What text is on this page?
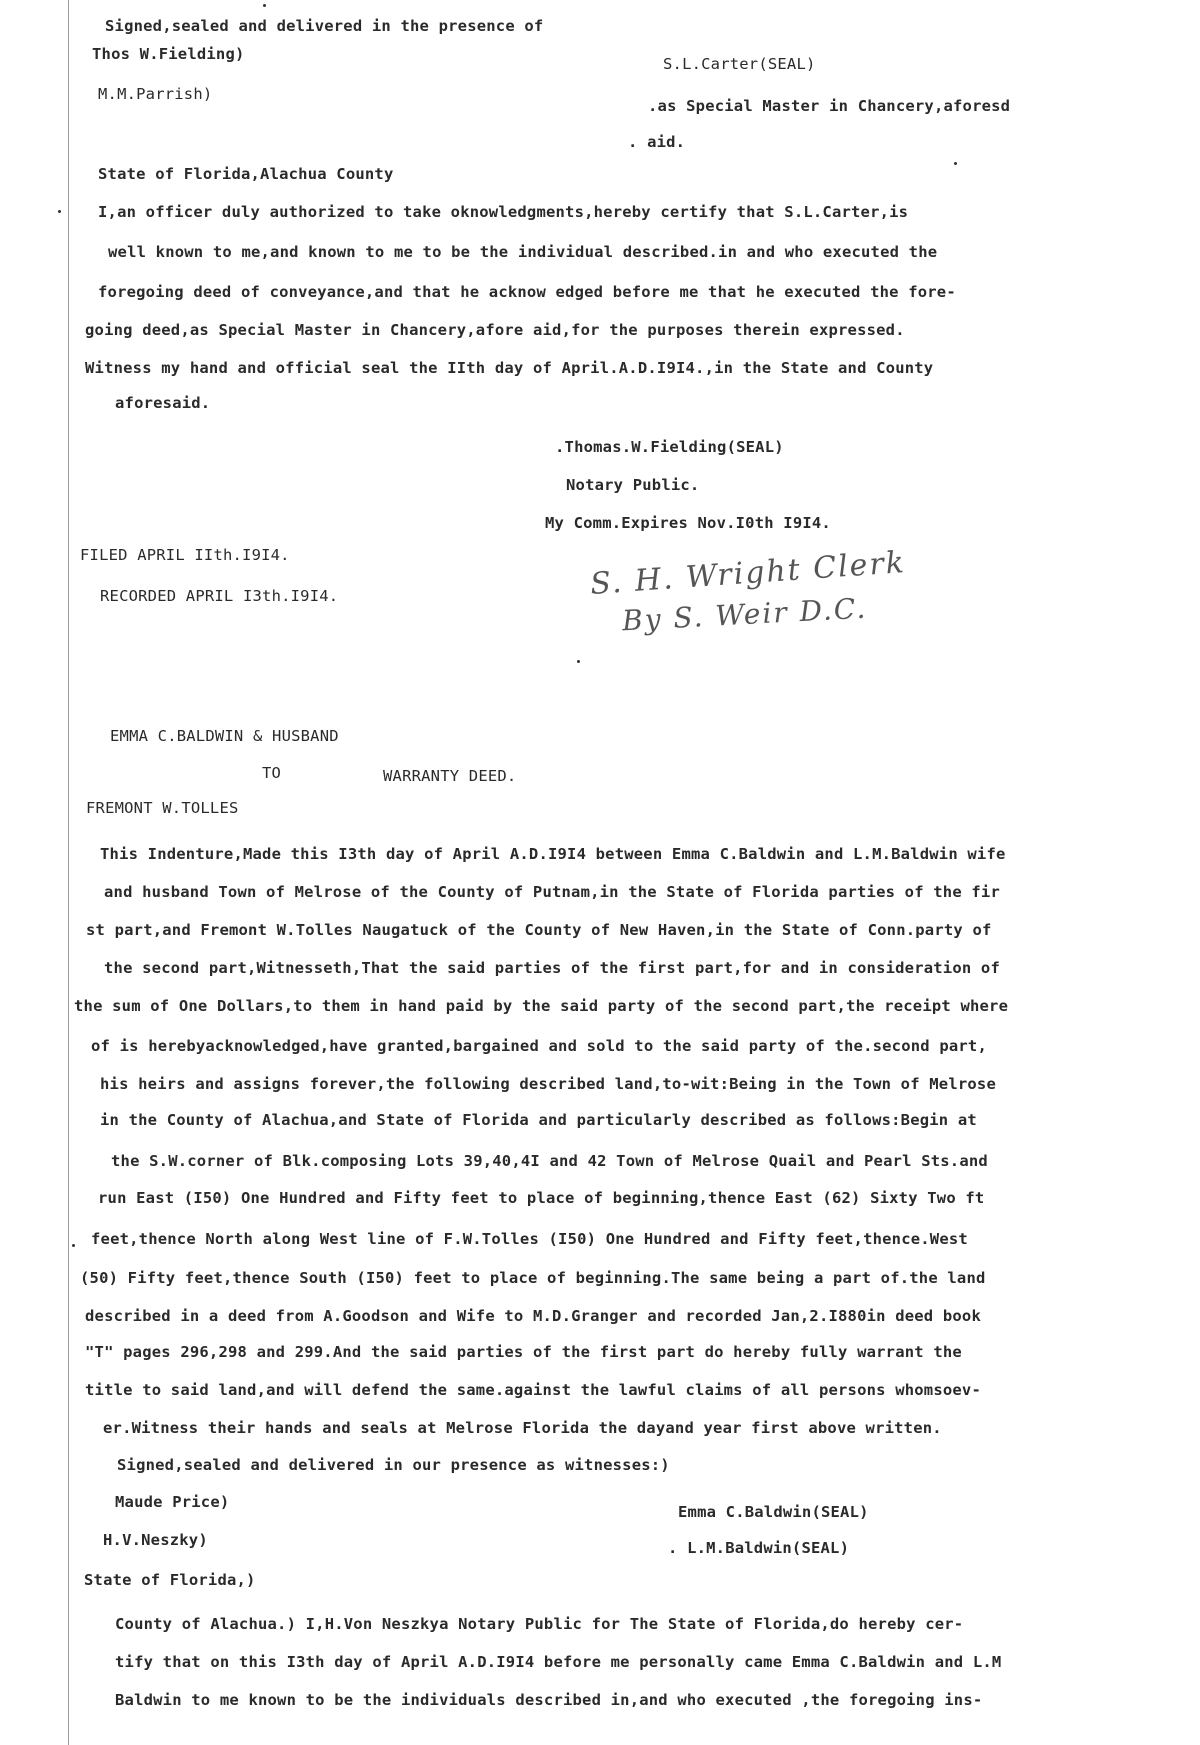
Signed,sealed and delivered in the presence of
Thos W.Fielding)
S.L.Carter(SEAL)
M.M.Parrish)
.as Special Master in Chancery,aforesd
. aid.
State of Florida,Alachua County
I,an officer duly authorized to take oknowledgments,hereby certify that S.L.Carter,is
well known to me,and known to me to be the individual described.in and who executed the
foregoing deed of conveyance,and that he acknow edged before me that he executed the fore-
going deed,as Special Master in Chancery,afore aid,for the purposes therein expressed.
Witness my hand and official seal the IIth day of April.A.D.I9I4.,in the State and County
aforesaid.
.Thomas.W.Fielding(SEAL)
Notary Public.
My Comm.Expires Nov.I0th I9I4.
FILED APRIL IIth.I9I4.
RECORDED APRIL I3th.I9I4.	S. H. Wright Clerk
By S. Weir D.C.
EMMA C.BALDWIN & HUSBAND
TO	WARRANTY DEED.
FREMONT W.TOLLES
This Indenture,Made this I3th day of April A.D.I9I4 between Emma C.Baldwin and L.M.Baldwin wife
and husband Town of Melrose of the County of Putnam,in the State of Florida parties of the fir
st part,and Fremont W.Tolles Naugatuck of the County of New Haven,in the State of Conn.party of
the second part,Witnesseth,That the said parties of the first part,for and in consideration of
the sum of One Dollars,to them in hand paid by the said party of the second part,the receipt where
of is herebyacknowledged,have granted,bargained and sold to the said party of the.second part,
his heirs and assigns forever,the following described land,to-wit:Being in the Town of Melrose
in the County of Alachua,and State of Florida and particularly described as follows:Begin at
the S.W.corner of Blk.composing Lots 39,40,4I and 42 Town of Melrose Quail and Pearl Sts.and
run East (I50) One Hundred and Fifty feet to place of beginning,thence East (62) Sixty Two ft
feet,thence North along West line of F.W.Tolles (I50) One Hundred and Fifty feet,thence.West
(50) Fifty feet,thence South (I50) feet to place of beginning.The same being a part of.the land
described in a deed from A.Goodson and Wife to M.D.Granger and recorded Jan,2.I880in deed book
"T" pages 296,298 and 299.And the said parties of the first part do hereby fully warrant the
title to said land,and will defend the same.against the lawful claims of all persons whomsoev-
er.Witness their hands and seals at Melrose Florida the dayand year first above written.
Signed,sealed and delivered in our presence as witnesses:)
Maude Price)
Emma C.Baldwin(SEAL)
H.V.Neszky)	. L.M.Baldwin(SEAL)
State of Florida,)
County of Alachua.) I,H.Von Neszkya Notary Public for The State of Florida,do hereby cer-
tify that on this I3th day of April A.D.I9I4 before me personally came Emma C.Baldwin and L.M
Baldwin to me known to be the individuals described in,and who executed ,the foregoing ins-
